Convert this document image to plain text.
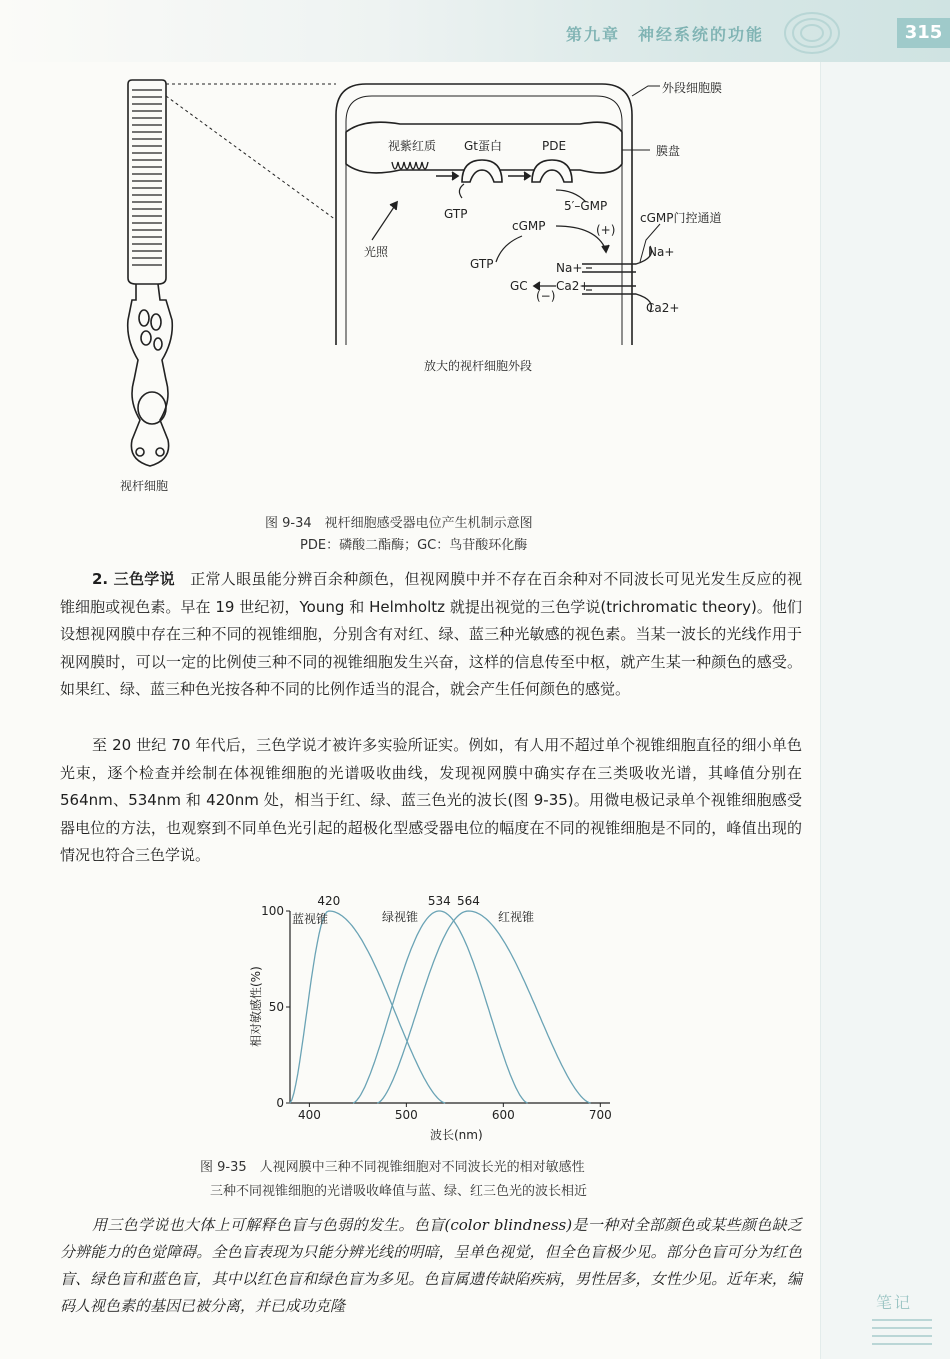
第九章　神经系统的功能	315
外段细胞膜
膜盘
cGMP门控通道
视紫红质 Gt蛋白	PDE
GTP
5′–GMP
cGMP	(+)
光照
GTP	Na+
Na+
GC Ca2+
(−)
Ca2+
放大的视杆细胞外段
视杆细胞
图 9-34　视杆细胞感受器电位产生机制示意图
PDE：磷酸二酯酶；GC：鸟苷酸环化酶

2. 三色学说　 正常人眼虽能分辨百余种颜色，但视网膜中并不存在百余种对不同波长可见光发生反应的视锥细胞或视色素。早在 19 世纪初，Young 和 Helmholtz 就提出视觉的三色学说(trichromatic theory)。他们设想视网膜中存在三种不同的视锥细胞，分别含有对红、绿、蓝三种光敏感的视色素。当某一波长的光线作用于视网膜时，可以一定的比例使三种不同的视锥细胞发生兴奋，这样的信息传至中枢，就产生某一种颜色的感受。如果红、绿、蓝三种色光按各种不同的比例作适当的混合，就会产生任何颜色的感觉。

至 20 世纪 70 年代后，三色学说才被许多实验所证实。例如，有人用不超过单个视锥细胞直径的细小单色光束，逐个检查并绘制在体视锥细胞的光谱吸收曲线，发现视网膜中确实存在三类吸收光谱，其峰值分别在 564nm、534nm 和 420nm 处，相当于红、绿、蓝三色光的波长(图 9-35)。用微电极记录单个视锥细胞感受器电位的方法，也观察到不同单色光引起的超极化型感受器电位的幅度在不同的视锥细胞是不同的，峰值出现的情况也符合三色学说。

400	500	600	700
0
50
100
420	534 564
蓝视锥	绿视锥	红视锥
波长(nm)
相对敏感性(%)
图 9-35　人视网膜中三种不同视锥细胞对不同波长光的相对敏感性
三种不同视锥细胞的光谱吸收峰值与蓝、绿、红三色光的波长相近

用三色学说也大体上可解释色盲与色弱的发生。色盲(color blindness)是一种对全部颜色或某些颜色缺乏分辨能力的色觉障碍。全色盲表现为只能分辨光线的明暗，呈单色视觉，但全色盲极少见。部分色盲可分为红色盲、绿色盲和蓝色盲，其中以红色盲和绿色盲为多见。色盲属遗传缺陷疾病，男性居多，女性少见。近年来，编码人视色素的基因已被分离，并已成功克隆	笔记
